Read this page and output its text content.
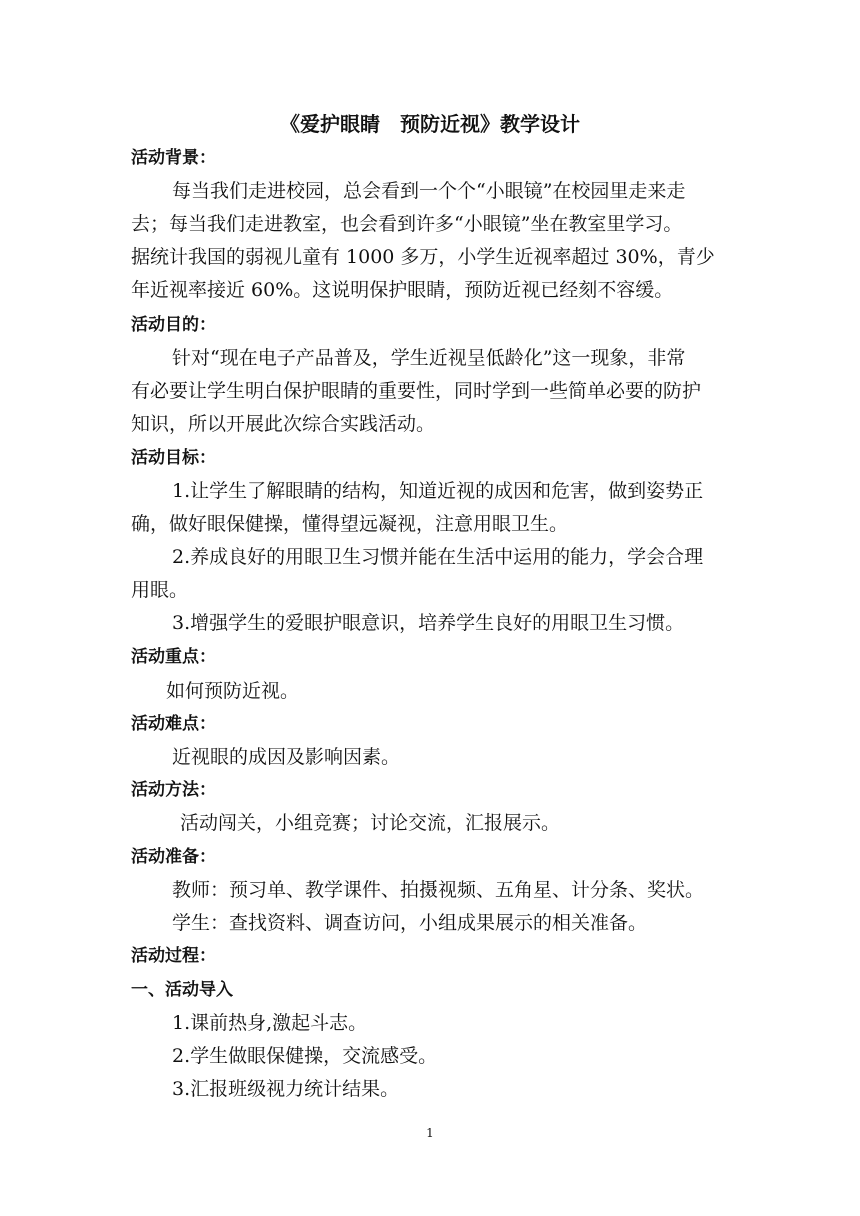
《爱护眼睛　预防近视》教学设计
活动背景：
每当我们走进校园，总会看到一个个“小眼镜”在校园里走来走
去；每当我们走进教室，也会看到许多“小眼镜”坐在教室里学习。
据统计我国的弱视儿童有 1000 多万，小学生近视率超过 30%，青少
年近视率接近 60%。这说明保护眼睛，预防近视已经刻不容缓。
活动目的：
针对“现在电子产品普及，学生近视呈低龄化”这一现象，非常
有必要让学生明白保护眼睛的重要性，同时学到一些简单必要的防护
知识，所以开展此次综合实践活动。
活动目标：
1.让学生了解眼睛的结构，知道近视的成因和危害，做到姿势正
确，做好眼保健操，懂得望远凝视，注意用眼卫生。
2.养成良好的用眼卫生习惯并能在生活中运用的能力，学会合理
用眼。
3.增强学生的爱眼护眼意识，培养学生良好的用眼卫生习惯。
活动重点：
如何预防近视。
活动难点：
近视眼的成因及影响因素。
活动方法：
活动闯关，小组竞赛；讨论交流，汇报展示。
活动准备：
教师：预习单、教学课件、拍摄视频、五角星、计分条、奖状。
学生：查找资料、调查访问，小组成果展示的相关准备。
活动过程：
一、活动导入
1.课前热身,激起斗志。
2.学生做眼保健操，交流感受。
3.汇报班级视力统计结果。
1
